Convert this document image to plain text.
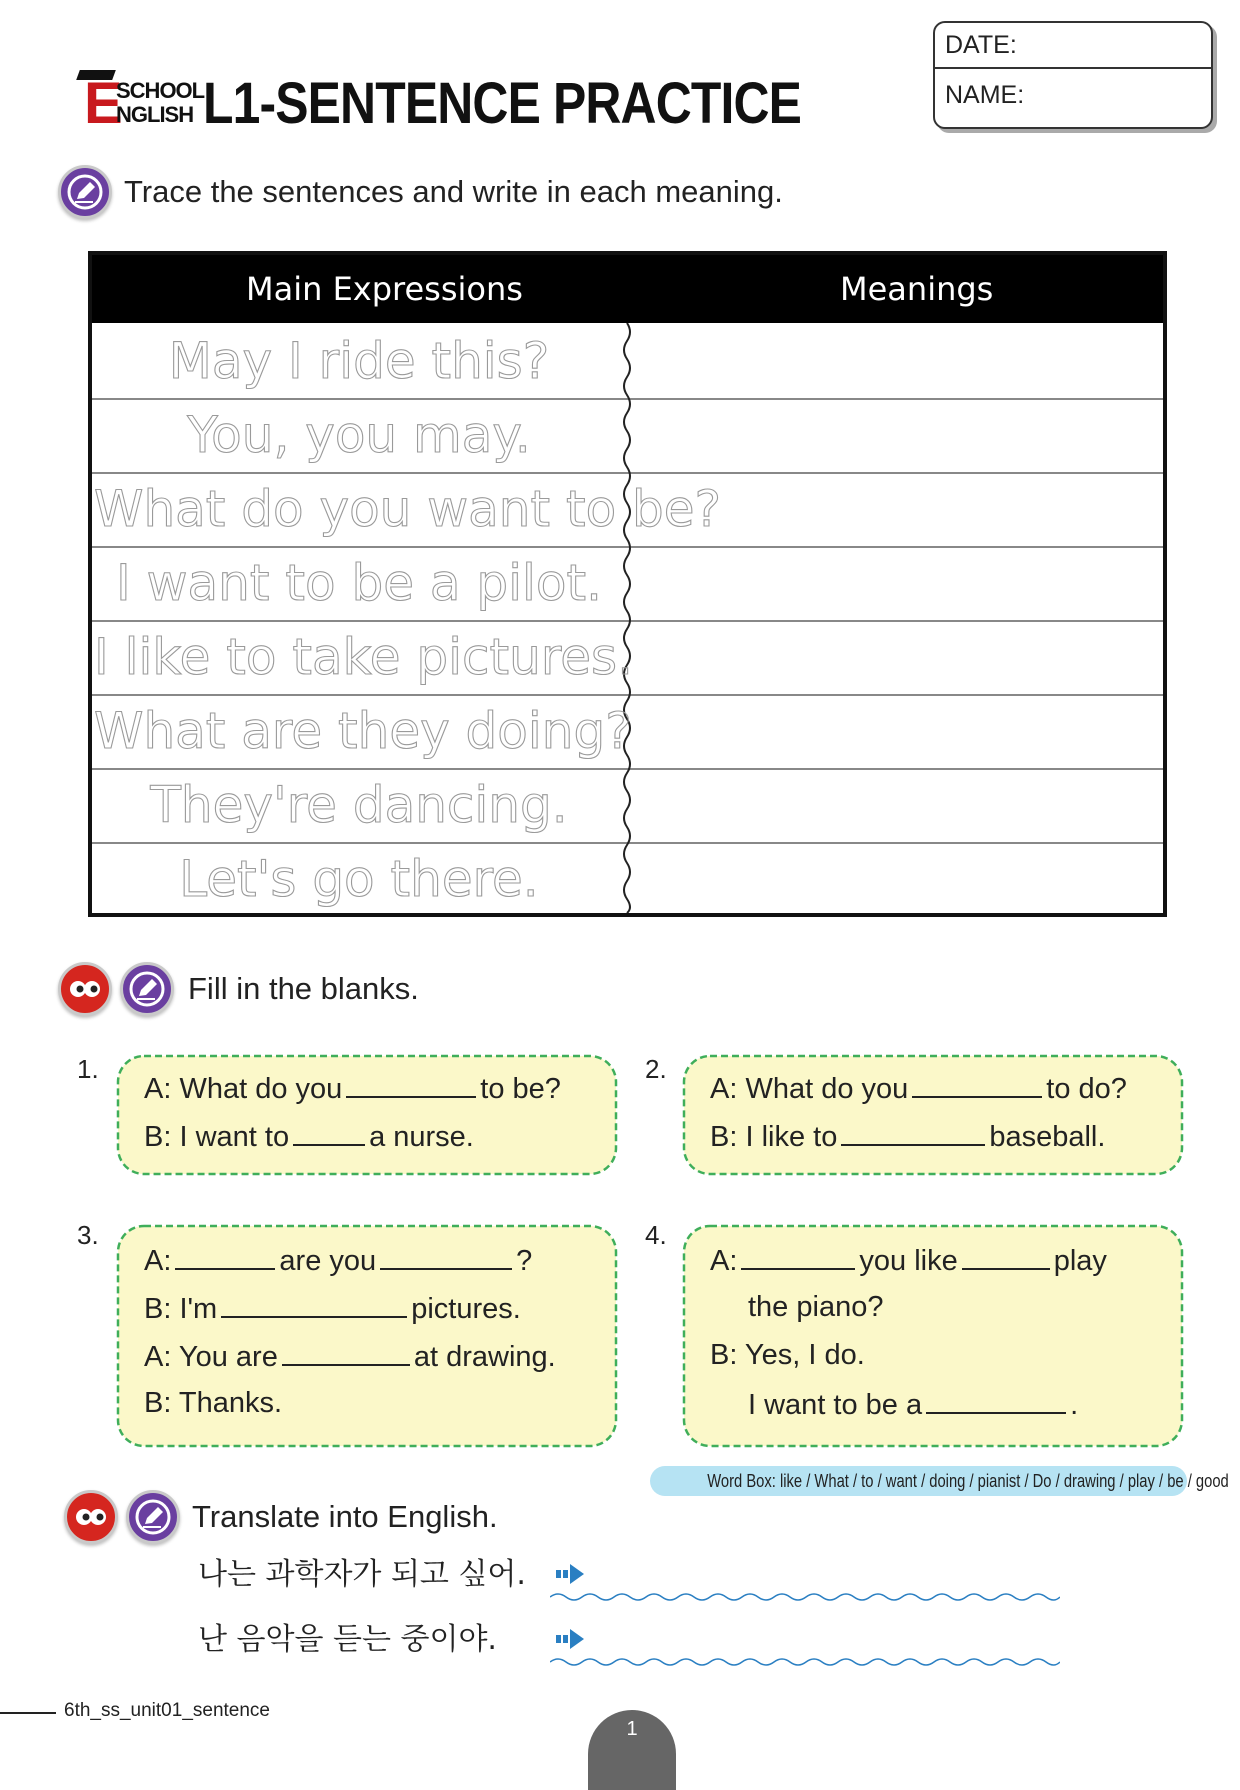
E
SCHOOL
NGLISH L1-SENTENCE PRACTICE
DATE:
NAME:
Trace the sentences and write in each meaning.
Main Expressions	Meanings
May I ride this?
You, you may.
What do you want to be?
I want to be a pilot.
I like to take pictures.
What are they doing?
They're dancing.
Let's go there.
Fill in the blanks.
1.
A: What do you	to be?
B: I want to	a nurse.
2.
A: What do you	to do?
B: I like to	baseball.
3.
A:	are you	?
B: I'm	pictures.
A: You are	at drawing.
B: Thanks.
4.
A:	you like	play
the piano?
B: Yes, I do.
I want to be a	.
Word Box: like / What / to / want / doing / pianist / Do / drawing / play / be / good
Translate into English.
나는 과학자가 되고 싶어.
난 음악을 듣는 중이야.
6th_ss_unit01_sentence
1
